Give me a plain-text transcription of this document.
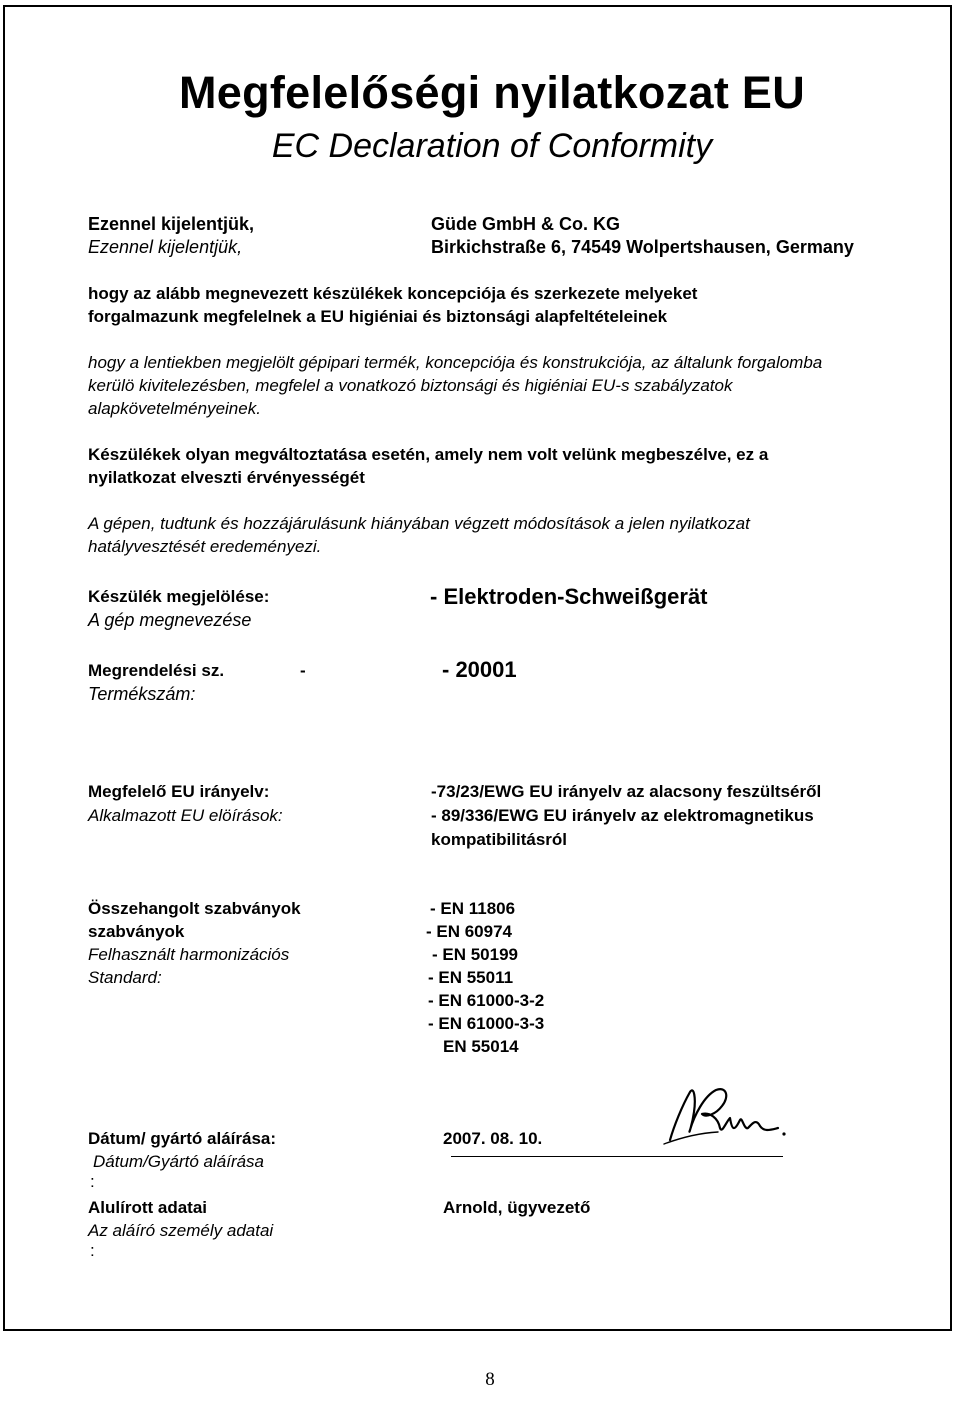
Megfelelőségi nyilatkozat EU
EC Declaration of Conformity
Ezennel kijelentjük,
Ezennel kijelentjük,
Güde GmbH & Co. KG
Birkichstraße 6, 74549 Wolpertshausen, Germany
hogy az alább megnevezett készülékek koncepciója és szerkezete melyeket
forgalmazunk megfelelnek a EU higiéniai és biztonsági alapfeltételeinek
hogy a lentiekben megjelölt gépipari termék, koncepciója és konstrukciója, az általunk forgalomba
kerülö kivitelezésben, megfelel a vonatkozó biztonsági és higiéniai EU-s szabályzatok
alapkövetelményeinek.
Készülékek olyan megváltoztatása esetén, amely nem volt velünk megbeszélve, ez a
nyilatkozat elveszti érvényességét
A gépen, tudtunk és hozzájárulásunk hiányában végzett módosítások a jelen nyilatkozat
hatályvesztését eredeményezi.
Készülék megjelölése:
A gép megnevezése
- Elektroden-Schweißgerät
Megrendelési sz.	-
Termékszám:
- 20001
Megfelelő EU irányelv:
Alkalmazott EU elöírások:
-73/23/EWG EU irányelv az alacsony feszültséről
- 89/336/EWG EU irányelv az elektromagnetikus
kompatibilitásról
Összehangolt szabványok
szabványok
Felhasznált harmonizációs
Standard:
- EN 11806
- EN 60974
- EN 50199
- EN 55011
- EN 61000-3-2
- EN 61000-3-3
EN 55014
Dátum/ gyártó aláírása:
Dátum/Gyártó aláírása
:
2007. 08. 10.
Alulírott adatai
Az aláíró személy adatai
:
Arnold, ügyvezető
8
